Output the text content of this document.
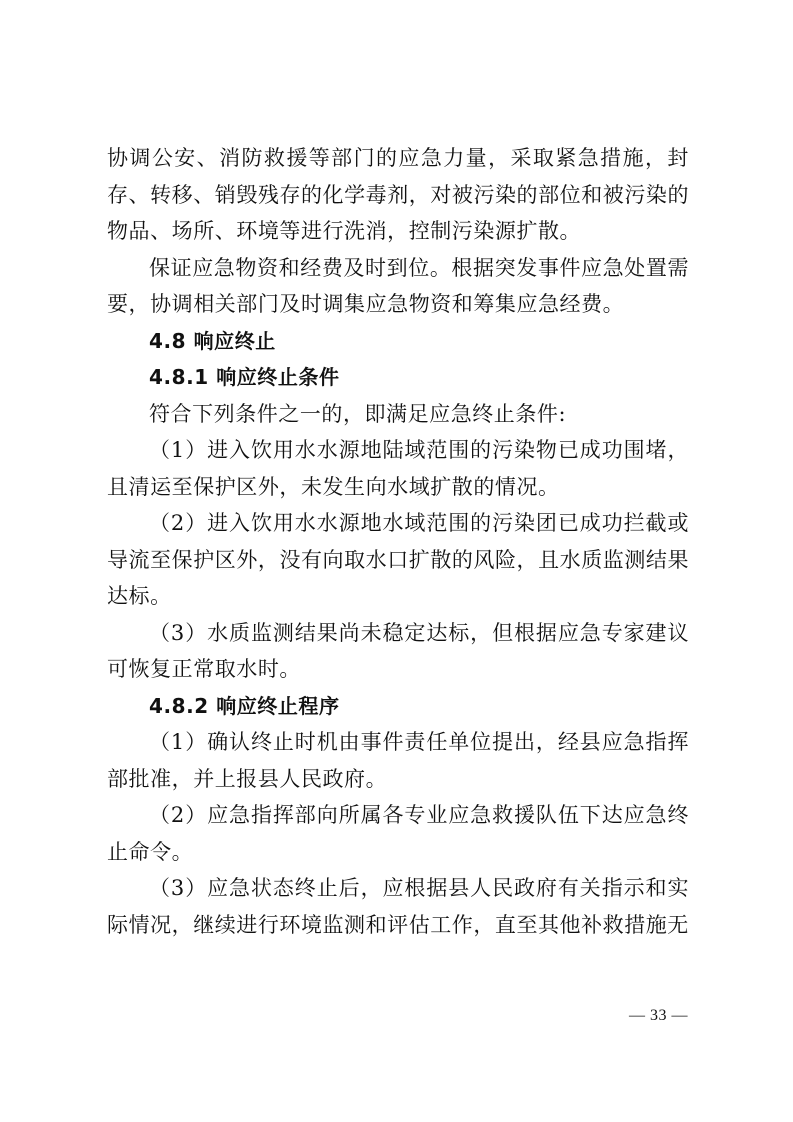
协调公安、消防救援等部门的应急力量，采取紧急措施，封存、转移、销毁残存的化学毒剂，对被污染的部位和被污染的物品、场所、环境等进行洗消，控制污染源扩散。

保证应急物资和经费及时到位。根据突发事件应急处置需要，协调相关部门及时调集应急物资和筹集应急经费。

4.8 响应终止

4.8.1 响应终止条件

符合下列条件之一的，即满足应急终止条件:

（1）进入饮用水水源地陆域范围的污染物已成功围堵，且清运至保护区外，未发生向水域扩散的情况。

（2）进入饮用水水源地水域范围的污染团已成功拦截或导流至保护区外，没有向取水口扩散的风险，且水质监测结果达标。

（3）水质监测结果尚未稳定达标，但根据应急专家建议可恢复正常取水时。

4.8.2 响应终止程序

（1）确认终止时机由事件责任单位提出，经县应急指挥部批准，并上报县人民政府。

（2）应急指挥部向所属各专业应急救援队伍下达应急终止命令。

（3）应急状态终止后，应根据县人民政府有关指示和实际情况，继续进行环境监测和评估工作，直至其他补救措施无

— 33 —
